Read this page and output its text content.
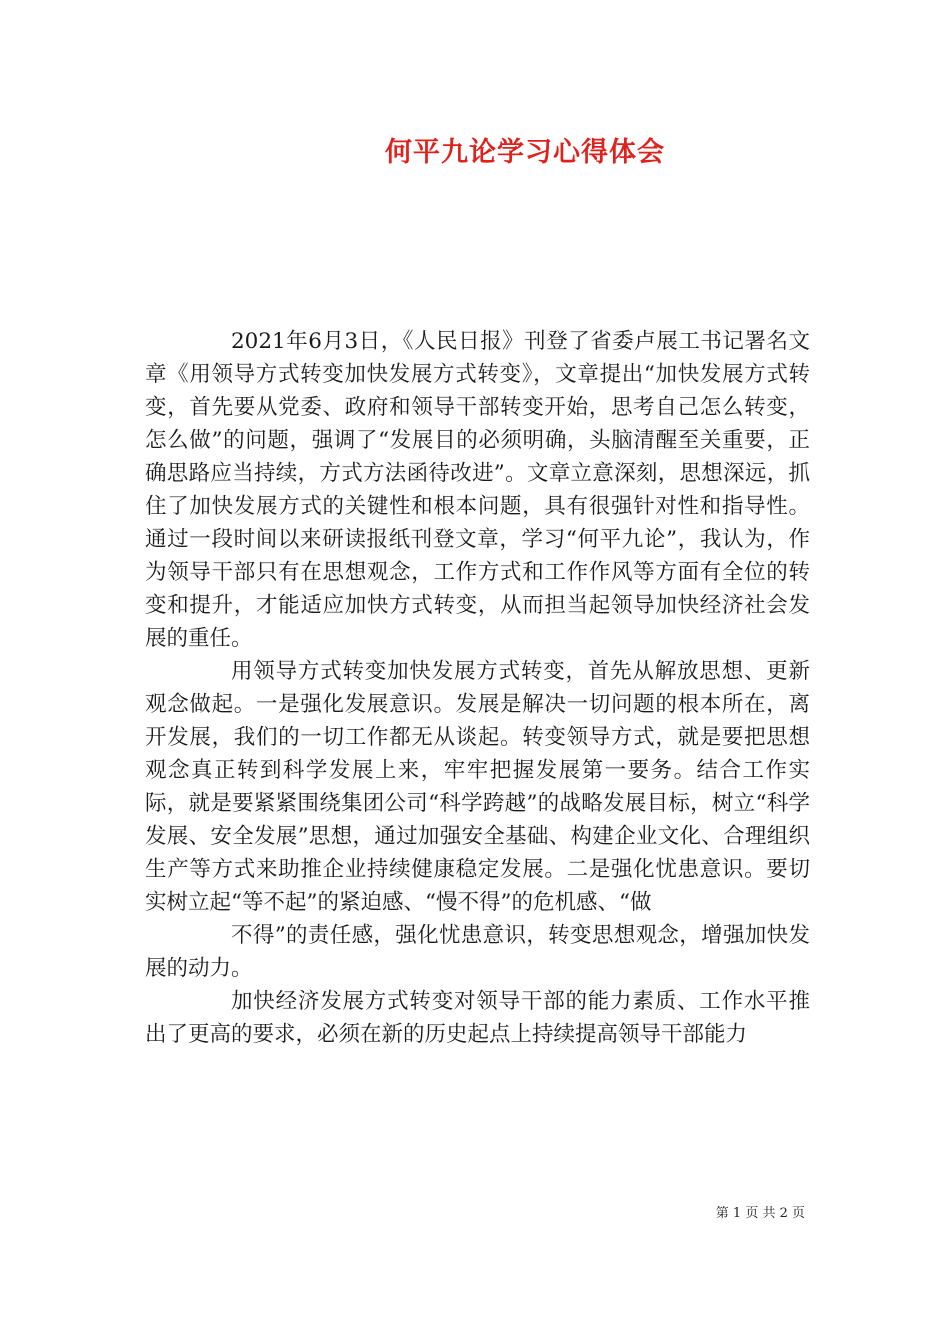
何平九论学习心得体会

2021年6月3日，《人民日报》刊登了省委卢展工书记署名文章《用领导方式转变加快发展方式转变》，文章提出“加快发展方式转变，首先要从党委、政府和领导干部转变开始，思考自己怎么转变，怎么做”的问题，强调了“发展目的必须明确，头脑清醒至关重要，正确思路应当持续，方式方法函待改进”。文章立意深刻，思想深远，抓住了加快发展方式的关键性和根本问题，具有很强针对性和指导性。通过一段时间以来研读报纸刊登文章，学习“何平九论”，我认为，作为领导干部只有在思想观念，工作方式和工作作风等方面有全位的转变和提升，才能适应加快方式转变，从而担当起领导加快经济社会发展的重任。

用领导方式转变加快发展方式转变，首先从解放思想、更新观念做起。一是强化发展意识。发展是解决一切问题的根本所在，离开发展，我们的一切工作都无从谈起。转变领导方式，就是要把思想观念真正转到科学发展上来，牢牢把握发展第一要务。结合工作实际，就是要紧紧围绕集团公司“科学跨越”的战略发展目标，树立“科学发展、安全发展”思想，通过加强安全基础、构建企业文化、合理组织生产等方式来助推企业持续健康稳定发展。二是强化忧患意识。要切实树立起“等不起”的紧迫感、“慢不得”的危机感、“做

不得”的责任感，强化忧患意识，转变思想观念，增强加快发展的动力。

加快经济发展方式转变对领导干部的能力素质、工作水平推出了更高的要求，必须在新的历史起点上持续提高领导干部能力

第 1 页 共 2 页
